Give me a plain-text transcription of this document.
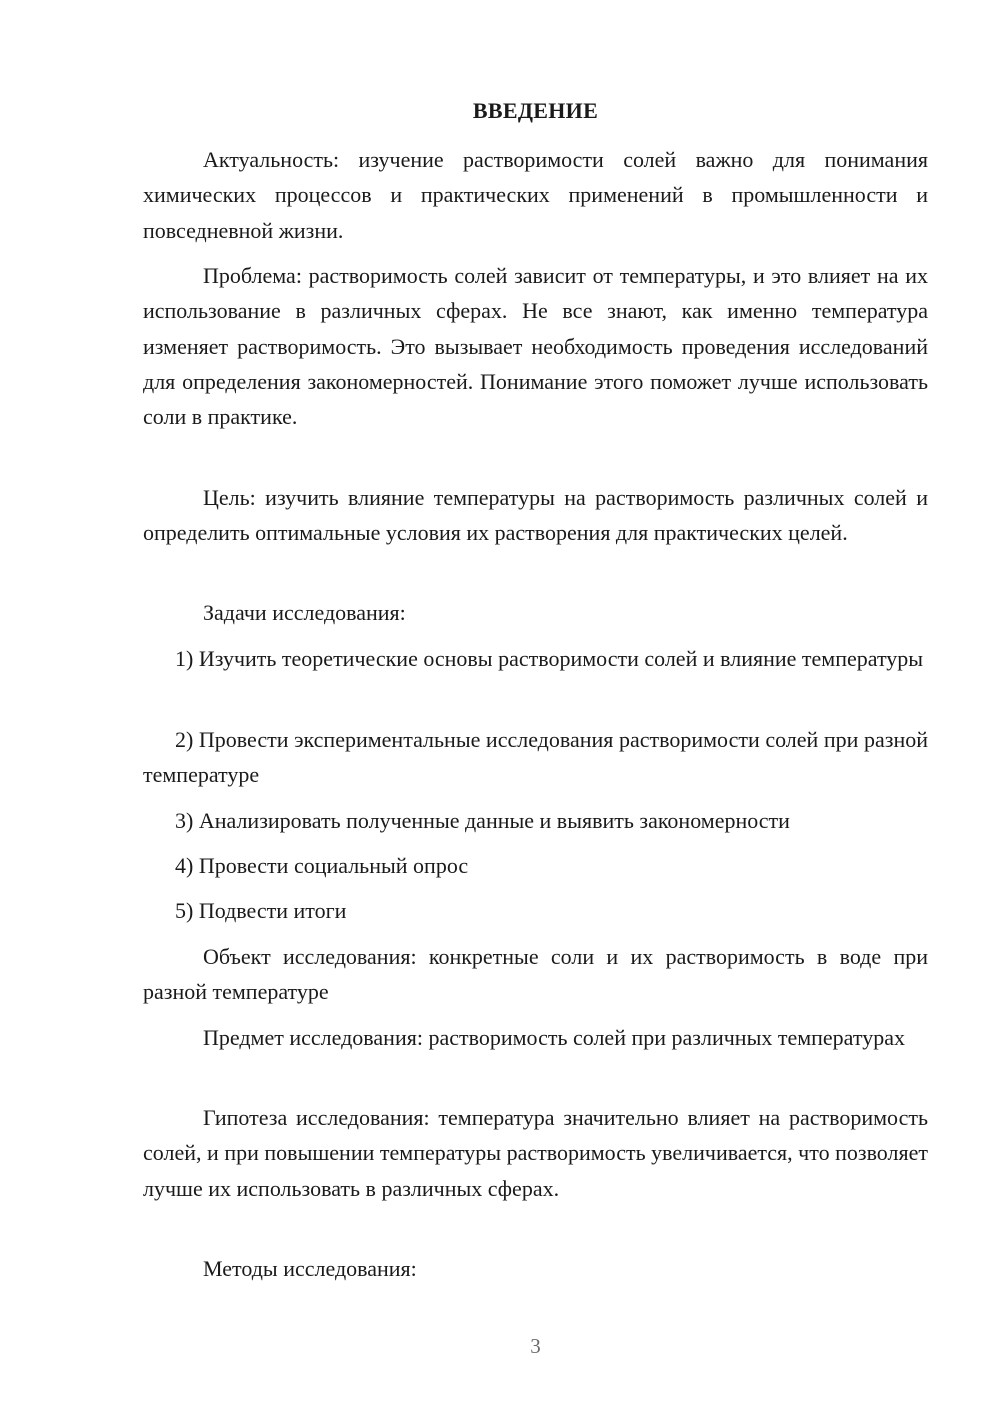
ВВЕДЕНИЕ

Актуальность: изучение растворимости солей важно для понимания химических процессов и практических применений в промышленности и повседневной жизни.

Проблема: растворимость солей зависит от температуры, и это влияет на их использование в различных сферах. Не все знают, как именно температура изменяет растворимость. Это вызывает необходимость проведения исследований для определения закономерностей. Понимание этого поможет лучше использовать соли в практике.

Цель: изучить влияние температуры на растворимость различных солей и определить оптимальные условия их растворения для практических целей.

Задачи исследования:

1) Изучить теоретические основы растворимости солей и влияние температуры

2) Провести экспериментальные исследования растворимости солей при разной температуре

3) Анализировать полученные данные и выявить закономерности

4) Провести социальный опрос

5) Подвести итоги

Объект исследования: конкретные соли и их растворимость в воде при разной температуре

Предмет исследования: растворимость солей при различных температурах

Гипотеза исследования: температура значительно влияет на растворимость солей, и при повышении температуры растворимость увеличивается, что позволяет лучше их использовать в различных сферах.

Методы исследования:

3
